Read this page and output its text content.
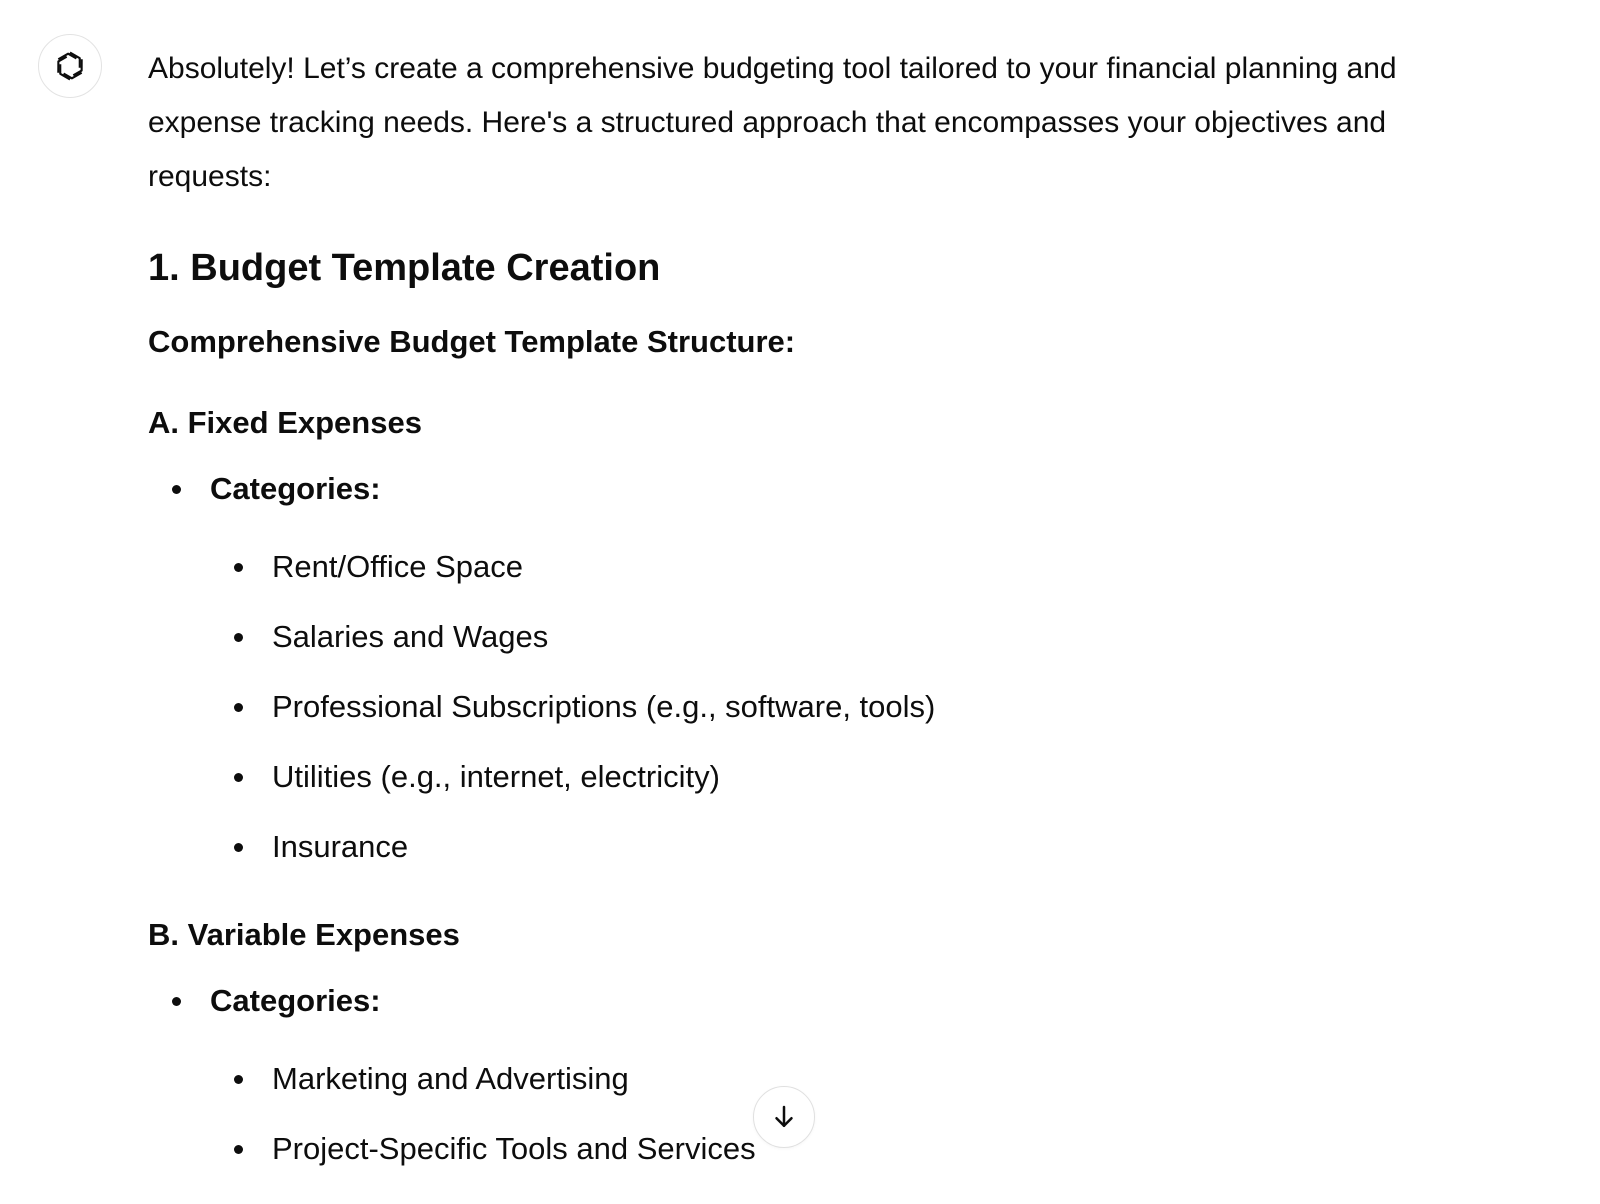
Absolutely! Let’s create a comprehensive budgeting tool tailored to your financial planning and expense tracking needs. Here's a structured approach that encompasses your objectives and requests:

1. Budget Template Creation

Comprehensive Budget Template Structure:

A. Fixed Expenses

Categories:
Rent/Office Space
Salaries and Wages
Professional Subscriptions (e.g., software, tools)
Utilities (e.g., internet, electricity)
Insurance

B. Variable Expenses

Categories:
Marketing and Advertising
Project-Specific Tools and Services
